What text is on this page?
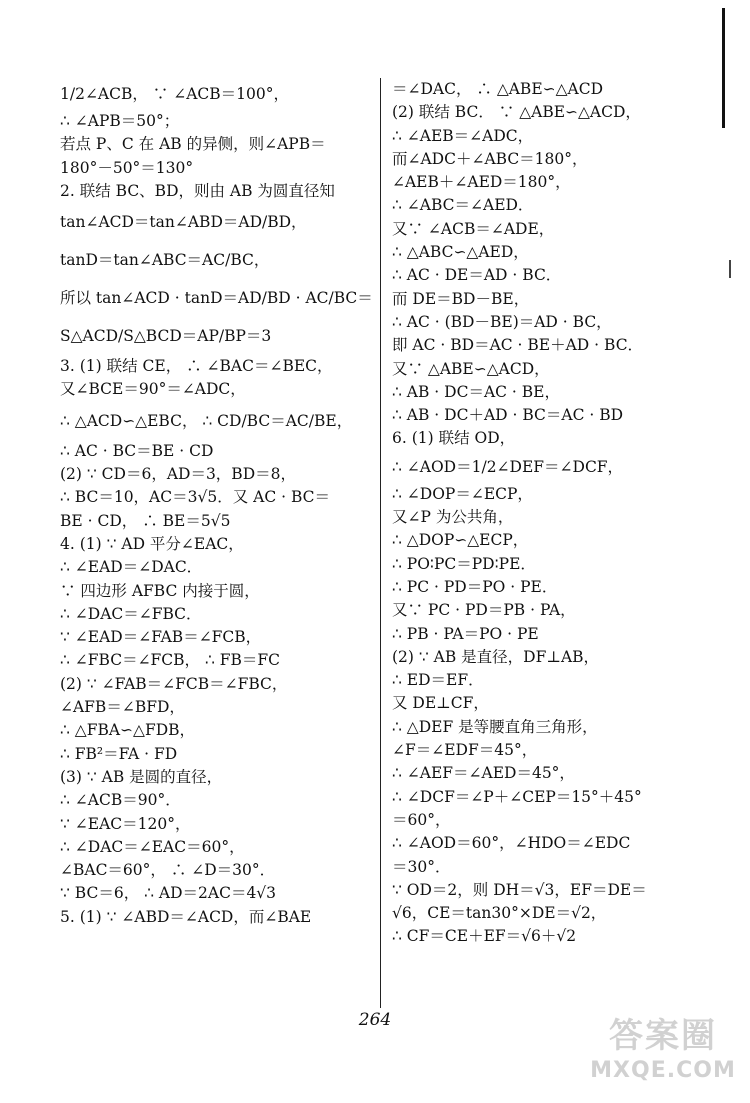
1/2∠ACB， ∵ ∠ACB＝100°，
∴ ∠APB＝50°；
若点 P、C 在 AB 的异侧，则∠APB＝
180°－50°＝130°
2. 联结 BC、BD，则由 AB 为圆直径知
tan∠ACD＝tan∠ABD＝AD/BD，
tanD＝tan∠ABC＝AC/BC，
所以 tan∠ACD · tanD＝AD/BD · AC/BC＝
S△ACD/S△BCD＝AP/BP＝3
3. (1) 联结 CE， ∴ ∠BAC＝∠BEC，
又∠BCE＝90°＝∠ADC，
∴ △ACD∽△EBC， ∴ CD/BC＝AC/BE，
∴ AC · BC＝BE · CD
(2) ∵ CD＝6，AD＝3，BD＝8，
∴ BC＝10，AC＝3√5．又 AC · BC＝
BE · CD， ∴ BE＝5√5
4. (1) ∵ AD 平分∠EAC，
∴ ∠EAD＝∠DAC．
∵ 四边形 AFBC 内接于圆，
∴ ∠DAC＝∠FBC．
∵ ∠EAD＝∠FAB＝∠FCB，
∴ ∠FBC＝∠FCB， ∴ FB＝FC
(2) ∵ ∠FAB＝∠FCB＝∠FBC，
∠AFB＝∠BFD，
∴ △FBA∽△FDB，
∴ FB²＝FA · FD
(3) ∵ AB 是圆的直径，
∴ ∠ACB＝90°．
∵ ∠EAC＝120°，
∴ ∠DAC＝∠EAC＝60°，
∠BAC＝60°， ∴ ∠D＝30°．
∵ BC＝6， ∴ AD＝2AC＝4√3
5. (1) ∵ ∠ABD＝∠ACD，而∠BAE
＝∠DAC， ∴ △ABE∽△ACD
(2) 联结 BC． ∵ △ABE∽△ACD，
∴ ∠AEB＝∠ADC，
而∠ADC＋∠ABC＝180°，
∠AEB＋∠AED＝180°，
∴ ∠ABC＝∠AED．
又∵ ∠ACB＝∠ADE，
∴ △ABC∽△AED，
∴ AC · DE＝AD · BC．
而 DE＝BD－BE，
∴ AC · (BD－BE)＝AD · BC，
即 AC · BD＝AC · BE＋AD · BC．
又∵ △ABE∽△ACD，
∴ AB · DC＝AC · BE，
∴ AB · DC＋AD · BC＝AC · BD
6. (1) 联结 OD，
∴ ∠AOD＝1/2∠DEF＝∠DCF，
∴ ∠DOP＝∠ECP，
又∠P 为公共角，
∴ △DOP∽△ECP，
∴ PO∶PC＝PD∶PE．
∴ PC · PD＝PO · PE．
又∵ PC · PD＝PB · PA，
∴ PB · PA＝PO · PE
(2) ∵ AB 是直径，DF⊥AB，
∴ ED＝EF．
又 DE⊥CF，
∴ △DEF 是等腰直角三角形，
∠F＝∠EDF＝45°，
∴ ∠AEF＝∠AED＝45°，
∴ ∠DCF＝∠P＋∠CEP＝15°＋45°
＝60°，
∴ ∠AOD＝60°，∠HDO＝∠EDC
＝30°．
∵ OD＝2，则 DH＝√3，EF＝DE＝
√6，CE＝tan30°×DE＝√2，
∴ CF＝CE＋EF＝√6＋√2
264	答案圈
MXQE.COM
